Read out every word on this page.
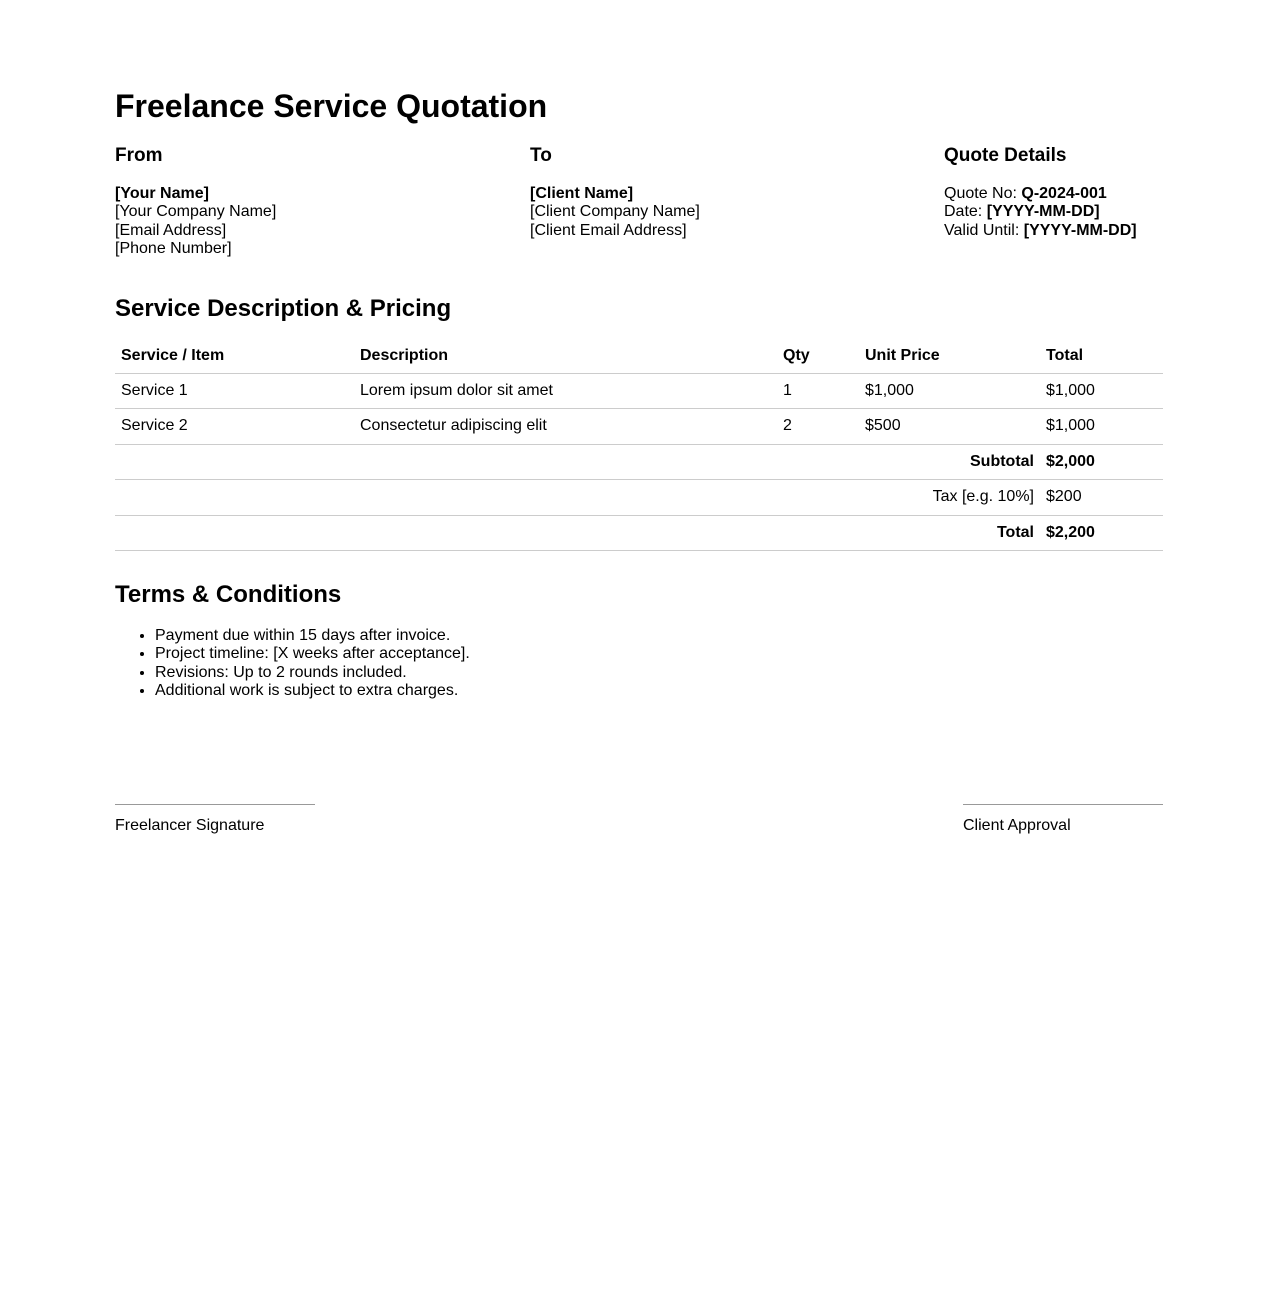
Freelance Service Quotation
From

[Your Name]
[Your Company Name]
[Email Address]
[Phone Number]

To

[Client Name]
[Client Company Name]
[Client Email Address]

Quote Details

Quote No: Q-2024-001
Date: [YYYY-MM-DD]
Valid Until: [YYYY-MM-DD]

Service Description & Pricing
Service / Item	Description	Qty	Unit Price	Total
Service 1	Lorem ipsum dolor sit amet	1	$1,000	$1,000
Service 2	Consectetur adipiscing elit	2	$500	$1,000
Subtotal				$2,000
Tax [e.g. 10%]				$200
Total				$2,200
Terms & Conditions
• Payment due within 15 days after invoice.
• Project timeline: [X weeks after acceptance].
• Revisions: Up to 2 rounds included.
• Additional work is subject to extra charges.
Freelancer Signature	Client Approval
